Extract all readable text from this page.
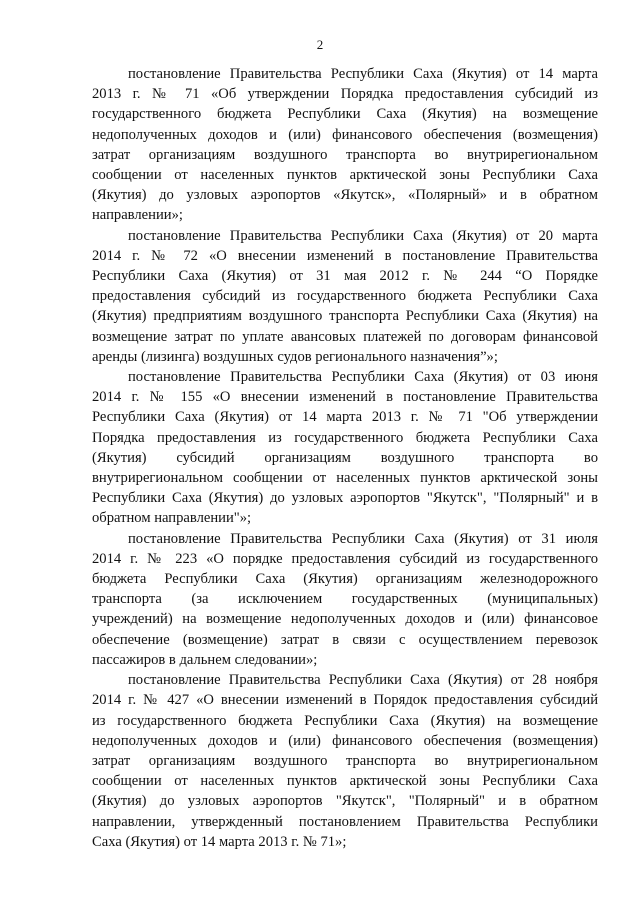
2
постановление Правительства Республики Саха (Якутия) от 14 марта
2013 г. № 71 «Об утверждении Порядка предоставления субсидий из
государственного бюджета Республики Саха (Якутия) на возмещение
недополученных доходов и (или) финансового обеспечения (возмещения)
затрат организациям воздушного транспорта во внутрирегиональном
сообщении от населенных пунктов арктической зоны Республики Саха
(Якутия) до узловых аэропортов «Якутск», «Полярный» и в обратном
направлении»;
постановление Правительства Республики Саха (Якутия) от 20 марта
2014 г. № 72 «О внесении изменений в постановление Правительства
Республики Саха (Якутия) от 31 мая 2012 г. № 244 “О Порядке
предоставления субсидий из государственного бюджета Республики Саха
(Якутия) предприятиям воздушного транспорта Республики Саха (Якутия) на
возмещение затрат по уплате авансовых платежей по договорам финансовой
аренды (лизинга) воздушных судов регионального назначения”»;
постановление Правительства Республики Саха (Якутия) от 03 июня
2014 г. № 155 «О внесении изменений в постановление Правительства
Республики Саха (Якутия) от 14 марта 2013 г. № 71 "Об утверждении
Порядка предоставления из государственного бюджета Республики Саха
(Якутия) субсидий организациям воздушного транспорта во
внутрирегиональном сообщении от населенных пунктов арктической зоны
Республики Саха (Якутия) до узловых аэропортов "Якутск", "Полярный" и в
обратном направлении"»;
постановление Правительства Республики Саха (Якутия) от 31 июля
2014 г. № 223 «О порядке предоставления субсидий из государственного
бюджета Республики Саха (Якутия) организациям железнодорожного
транспорта (за исключением государственных (муниципальных)
учреждений) на возмещение недополученных доходов и (или) финансовое
обеспечение (возмещение) затрат в связи с осуществлением перевозок
пассажиров в дальнем следовании»;
постановление Правительства Республики Саха (Якутия) от 28 ноября
2014 г. № 427 «О внесении изменений в Порядок предоставления субсидий
из государственного бюджета Республики Саха (Якутия) на возмещение
недополученных доходов и (или) финансового обеспечения (возмещения)
затрат организациям воздушного транспорта во внутрирегиональном
сообщении от населенных пунктов арктической зоны Республики Саха
(Якутия) до узловых аэропортов "Якутск", "Полярный" и в обратном
направлении, утвержденный постановлением Правительства Республики
Саха (Якутия) от 14 марта 2013 г. № 71»;
